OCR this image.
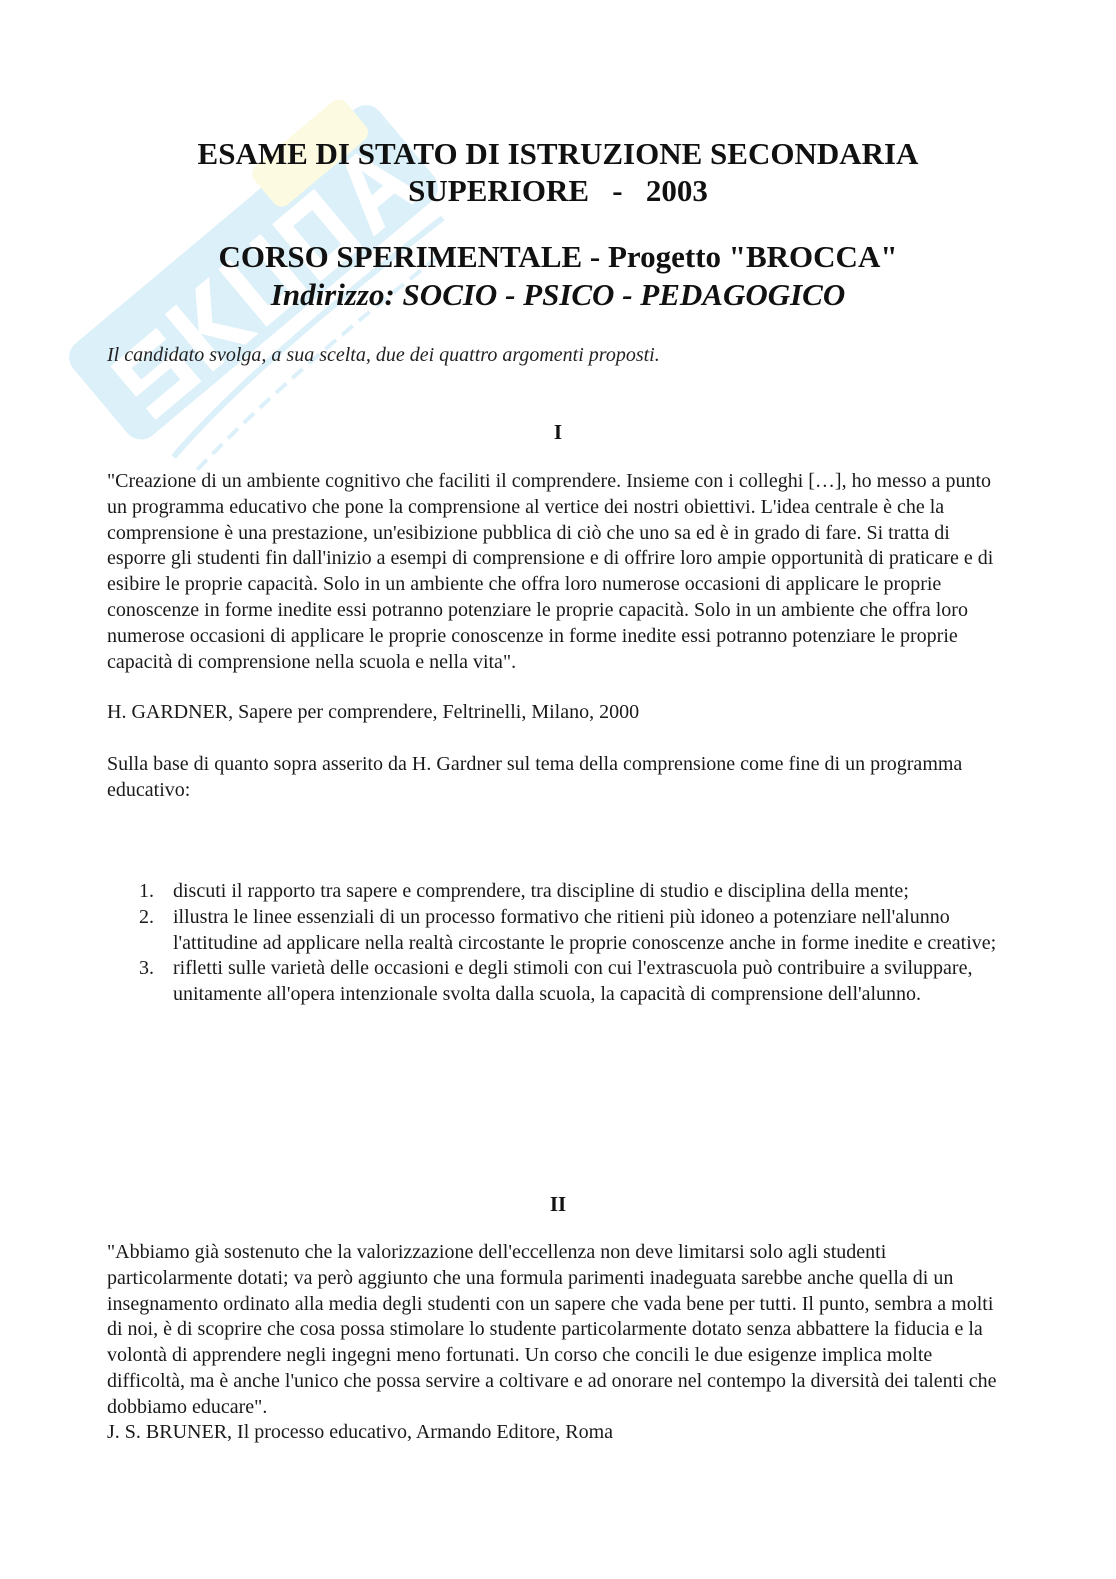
ESAME DI STATO DI ISTRUZIONE SECONDARIA
SUPERIORE   -   2003
CORSO SPERIMENTALE - Progetto "BROCCA"
Indirizzo: SOCIO - PSICO - PEDAGOGICO
Il candidato svolga, a sua scelta, due dei quattro argomenti proposti.
I
"Creazione di un ambiente cognitivo che faciliti il comprendere. Insieme con i colleghi […], ho messo a punto un programma educativo che pone la comprensione al vertice dei nostri obiettivi. L'idea centrale è che la comprensione è una prestazione, un'esibizione pubblica di ciò che uno sa ed è in grado di fare. Si tratta di esporre gli studenti fin dall'inizio a esempi di comprensione e di offrire loro ampie opportunità di praticare e di esibire le proprie capacità. Solo in un ambiente che offra loro numerose occasioni di applicare le proprie conoscenze in forme inedite essi potranno potenziare le proprie capacità. Solo in un ambiente che offra loro numerose occasioni di applicare le proprie conoscenze in forme inedite essi potranno potenziare le proprie capacità di comprensione nella scuola e nella vita".
H. GARDNER, Sapere per comprendere, Feltrinelli, Milano, 2000
Sulla base di quanto sopra asserito da H. Gardner sul tema della comprensione come fine di un programma educativo:
1. discuti il rapporto tra sapere e comprendere, tra discipline di studio e disciplina della mente;
2. illustra le linee essenziali di un processo formativo che ritieni più idoneo a potenziare nell'alunno l'attitudine ad applicare nella realtà circostante le proprie conoscenze anche in forme inedite e creative;
3. rifletti sulle varietà delle occasioni e degli stimoli con cui l'extrascuola può contribuire a sviluppare, unitamente all'opera intenzionale svolta dalla scuola, la capacità di comprensione dell'alunno.
II
"Abbiamo già sostenuto che la valorizzazione dell'eccellenza non deve limitarsi solo agli studenti particolarmente dotati; va però aggiunto che una formula parimenti inadeguata sarebbe anche quella di un insegnamento ordinato alla media degli studenti con un sapere che vada bene per tutti. Il punto, sembra a molti di noi, è di scoprire che cosa possa stimolare lo studente particolarmente dotato senza abbattere la fiducia e la volontà di apprendere negli ingegni meno fortunati. Un corso che concili le due esigenze implica molte difficoltà, ma è anche l'unico che possa servire a coltivare e ad onorare nel contempo la diversità dei talenti che dobbiamo educare".
J. S. BRUNER, Il processo educativo, Armando Editore, Roma
